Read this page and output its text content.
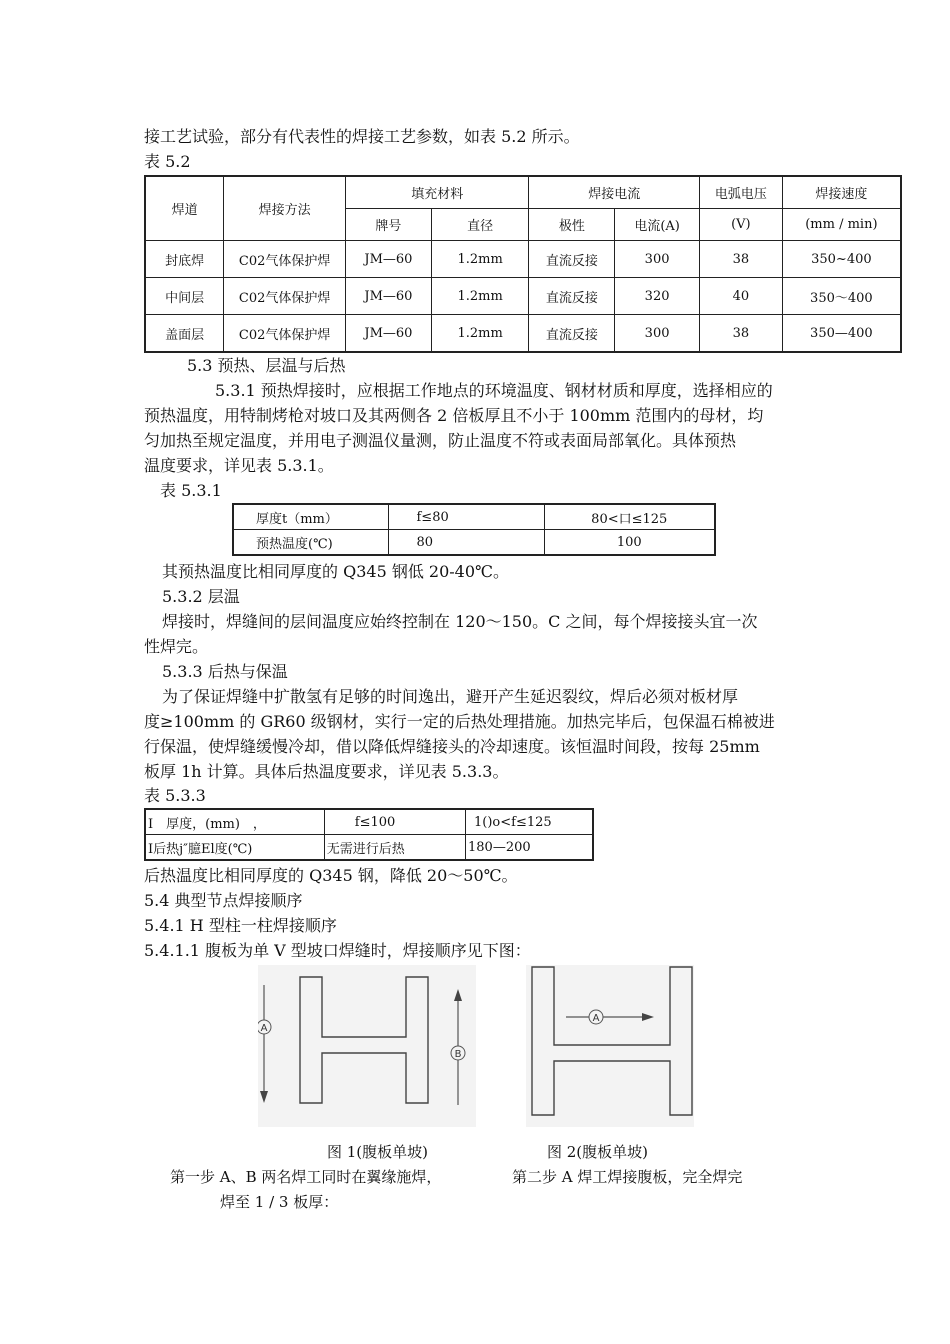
接工艺试验，部分有代表性的焊接工艺参数，如表 5.2 所示。
表 5.2
焊道	焊接方法	填充材料		焊接电流		电弧电压	焊接速度
		牌号	直径	极性	电流(A)	(V)	(mm / min)
封底焊	C02气体保护焊	JM—60	1.2mm	直流反接	300	38	350~400
中间层	C02气体保护焊	JM—60	1.2mm	直流反接	320	40	350～400
盖面层	C02气体保护焊	JM—60	1.2mm	直流反接	300	38	350—400
5.3 预热、层温与后热
5.3.1 预热焊接时，应根据工作地点的环境温度、钢材材质和厚度，选择相应的
预热温度，用特制烤枪对坡口及其两侧各 2 倍板厚且不小于 100mm 范围内的母材，均
匀加热至规定温度，并用电子测温仪量测，防止温度不符或表面局部氧化。具体预热
温度要求，详见表 5.3.1。
表 5.3.1
厚度t（mm）	f≤80	80<口≤125
预热温度(℃)	80	100
其预热温度比相同厚度的 Q345 钢低 20-40℃。
5.3.2 层温
焊接时，焊缝间的层间温度应始终控制在 120～150。C 之间，每个焊接接头宜一次
性焊完。
5.3.3 后热与保温
为了保证焊缝中扩散氢有足够的时间逸出，避开产生延迟裂纹，焊后必须对板材厚
度≥100mm 的 GR60 级钢材，实行一定的后热处理措施。加热完毕后，包保温石棉被进
行保温，使焊缝缓慢冷却，借以降低焊缝接头的冷却速度。该恒温时间段，按每 25mm
板厚 1h 计算。具体后热温度要求，详见表 5.3.3。
表 5.3.3
I　厚度，(mm)　，	f≤100	1()o<f≤125
I后热j″臆El度(℃)	无需进行后热	180—200
后热温度比相同厚度的 Q345 钢，降低 20～50℃。
5.4 典型节点焊接顺序
5.4.1 H 型柱一柱焊接顺序
5.4.1.1 腹板为单 V 型坡口焊缝时，焊接顺序见下图：
A
B
A
图 1(腹板单坡)	图 2(腹板单坡)
第一步 A、B 两名焊工同时在翼缘施焊，	第二步 A 焊工焊接腹板，完全焊完
焊至 1 / 3 板厚：
